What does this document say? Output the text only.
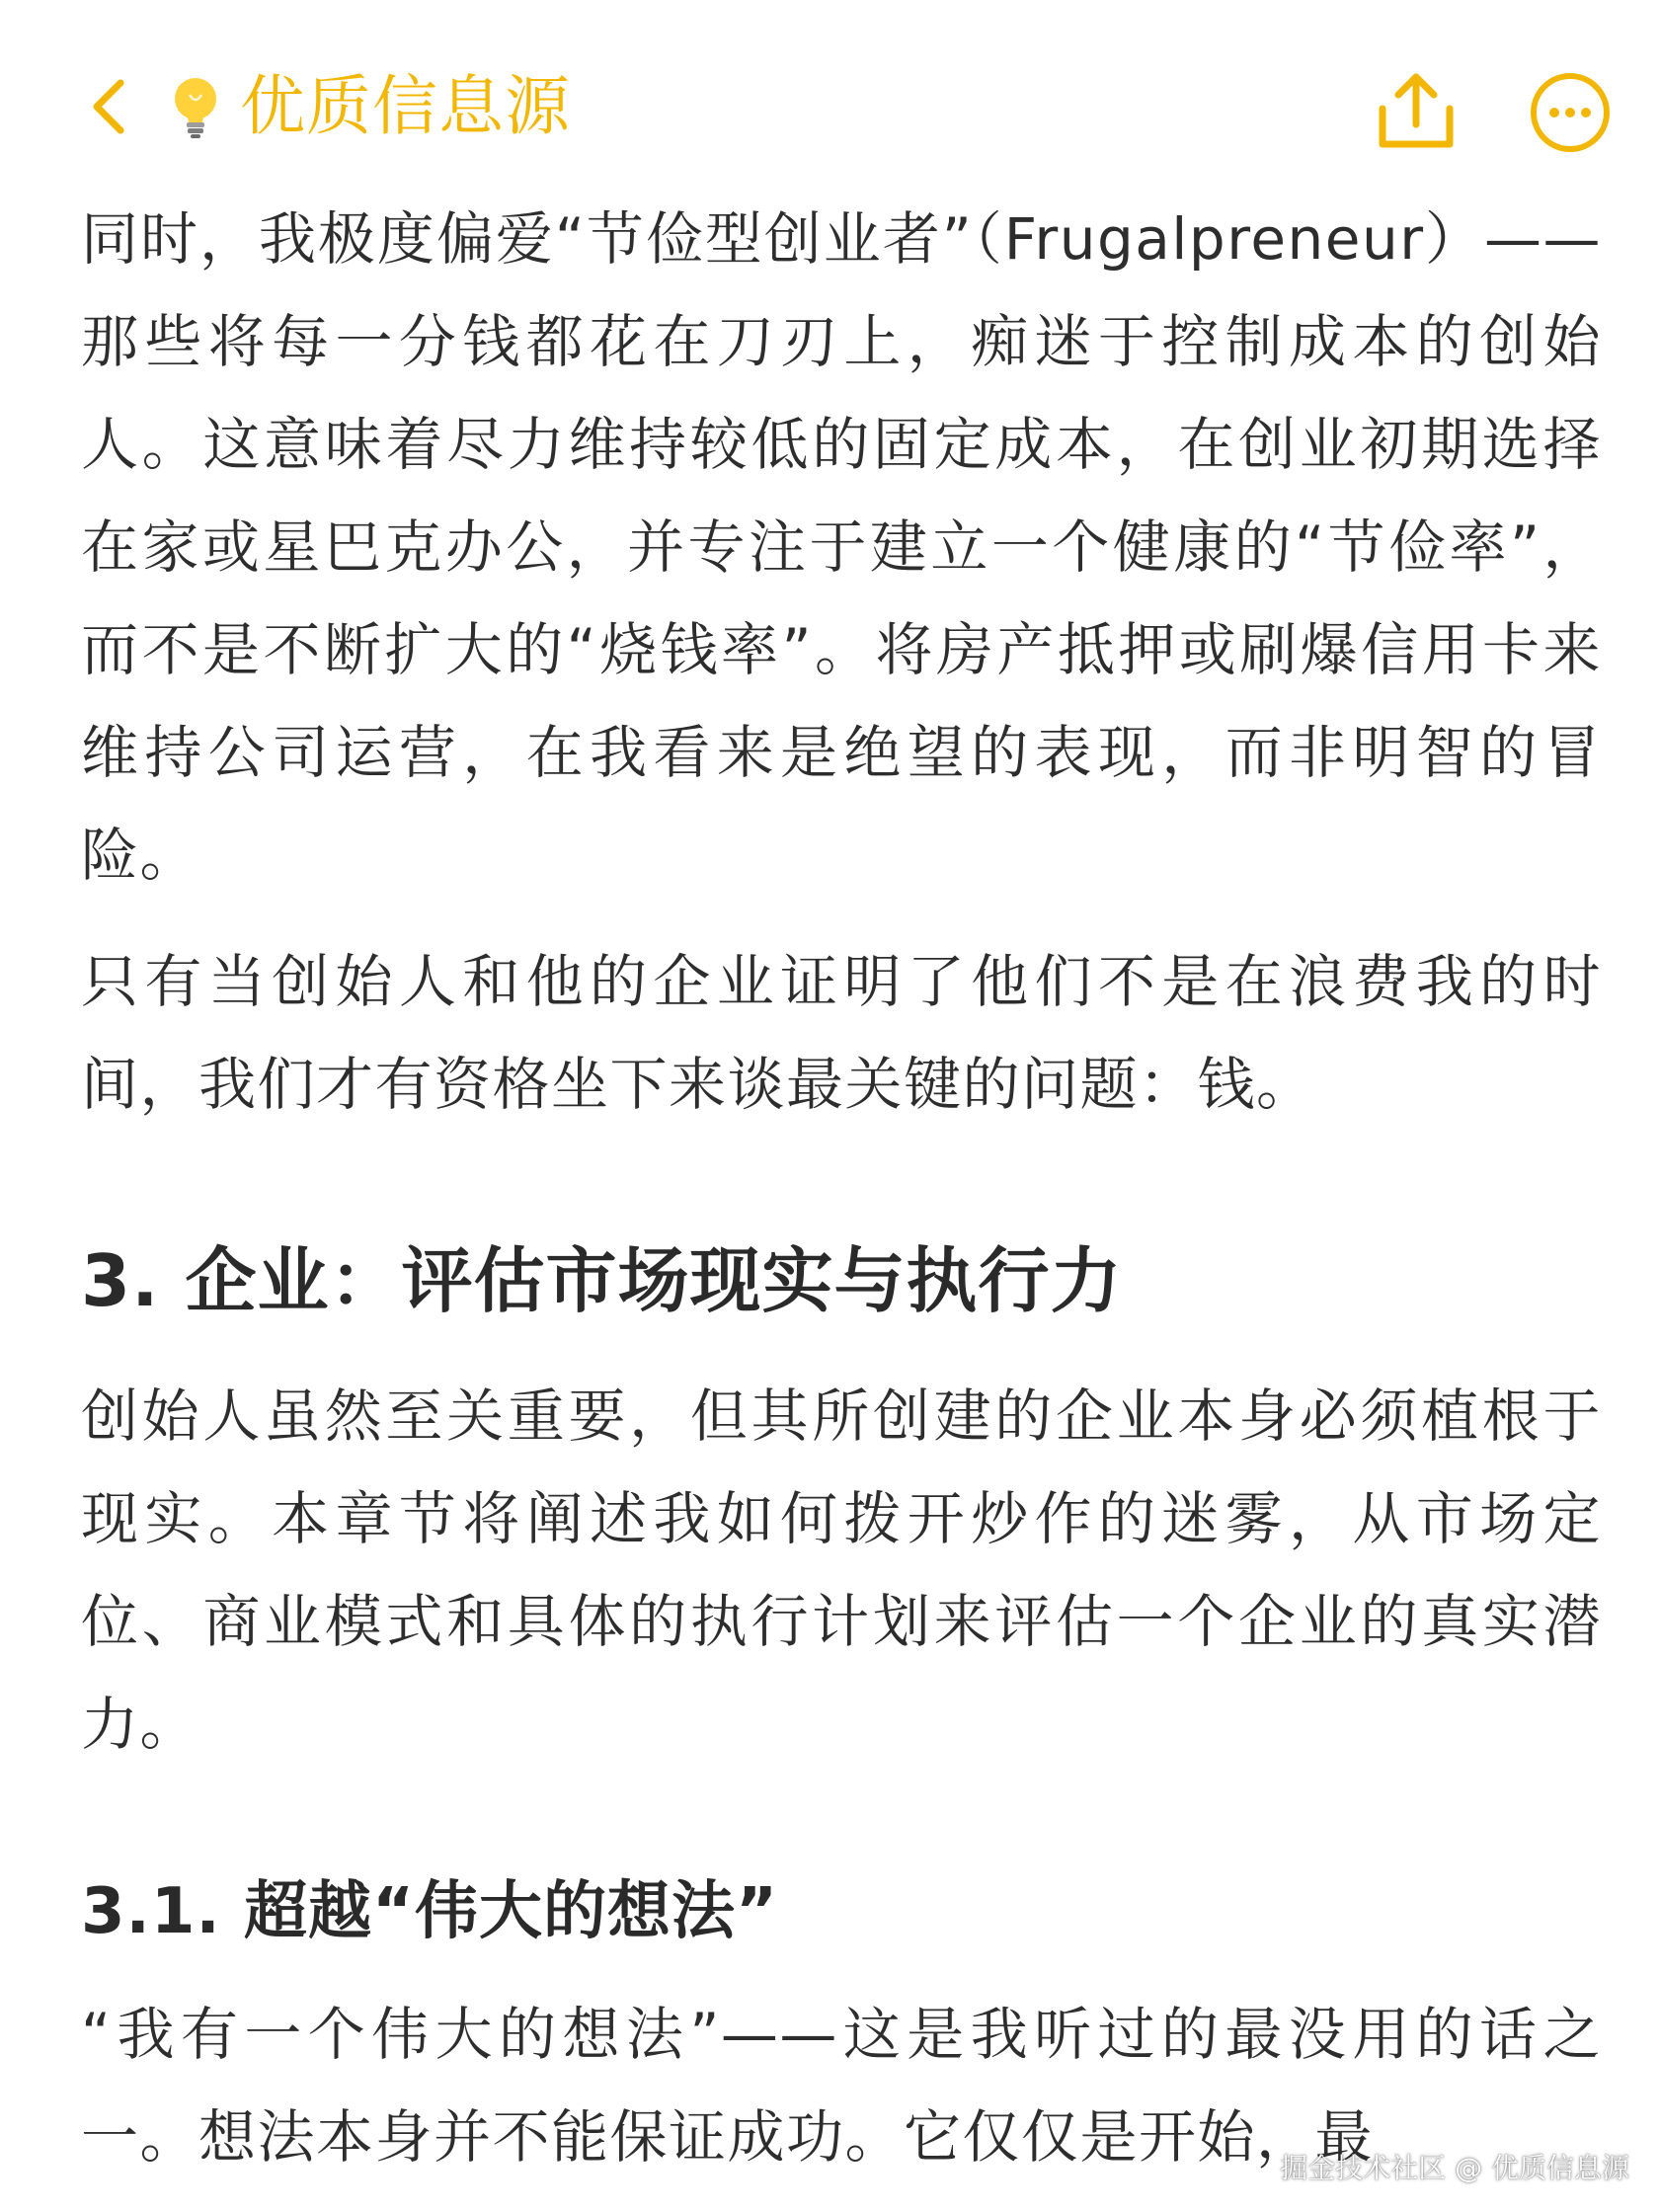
优质信息源

同时，我极度偏爱“节俭型创业者”（Frugalpreneur）——那些将每一分钱都花在刀刃上，痴迷于控制成本的创始人。这意味着尽力维持较低的固定成本，在创业初期选择在家或星巴克办公，并专注于建立一个健康的“节俭率”，而不是不断扩大的“烧钱率”。将房产抵押或刷爆信用卡来维持公司运营，在我看来是绝望的表现，而非明智的冒险。

只有当创始人和他的企业证明了他们不是在浪费我的时间，我们才有资格坐下来谈最关键的问题：钱。

3. 企业：评估市场现实与执行力

创始人虽然至关重要，但其所创建的企业本身必须植根于现实。本章节将阐述我如何拨开炒作的迷雾，从市场定位、商业模式和具体的执行计划来评估一个企业的真实潜力。

3.1. 超越“伟大的想法”

“我有一个伟大的想法”——这是我听过的最没用的话之一。想法本身并不能保证成功。它仅仅是开始，最

掘金技术社区 @ 优质信息源
